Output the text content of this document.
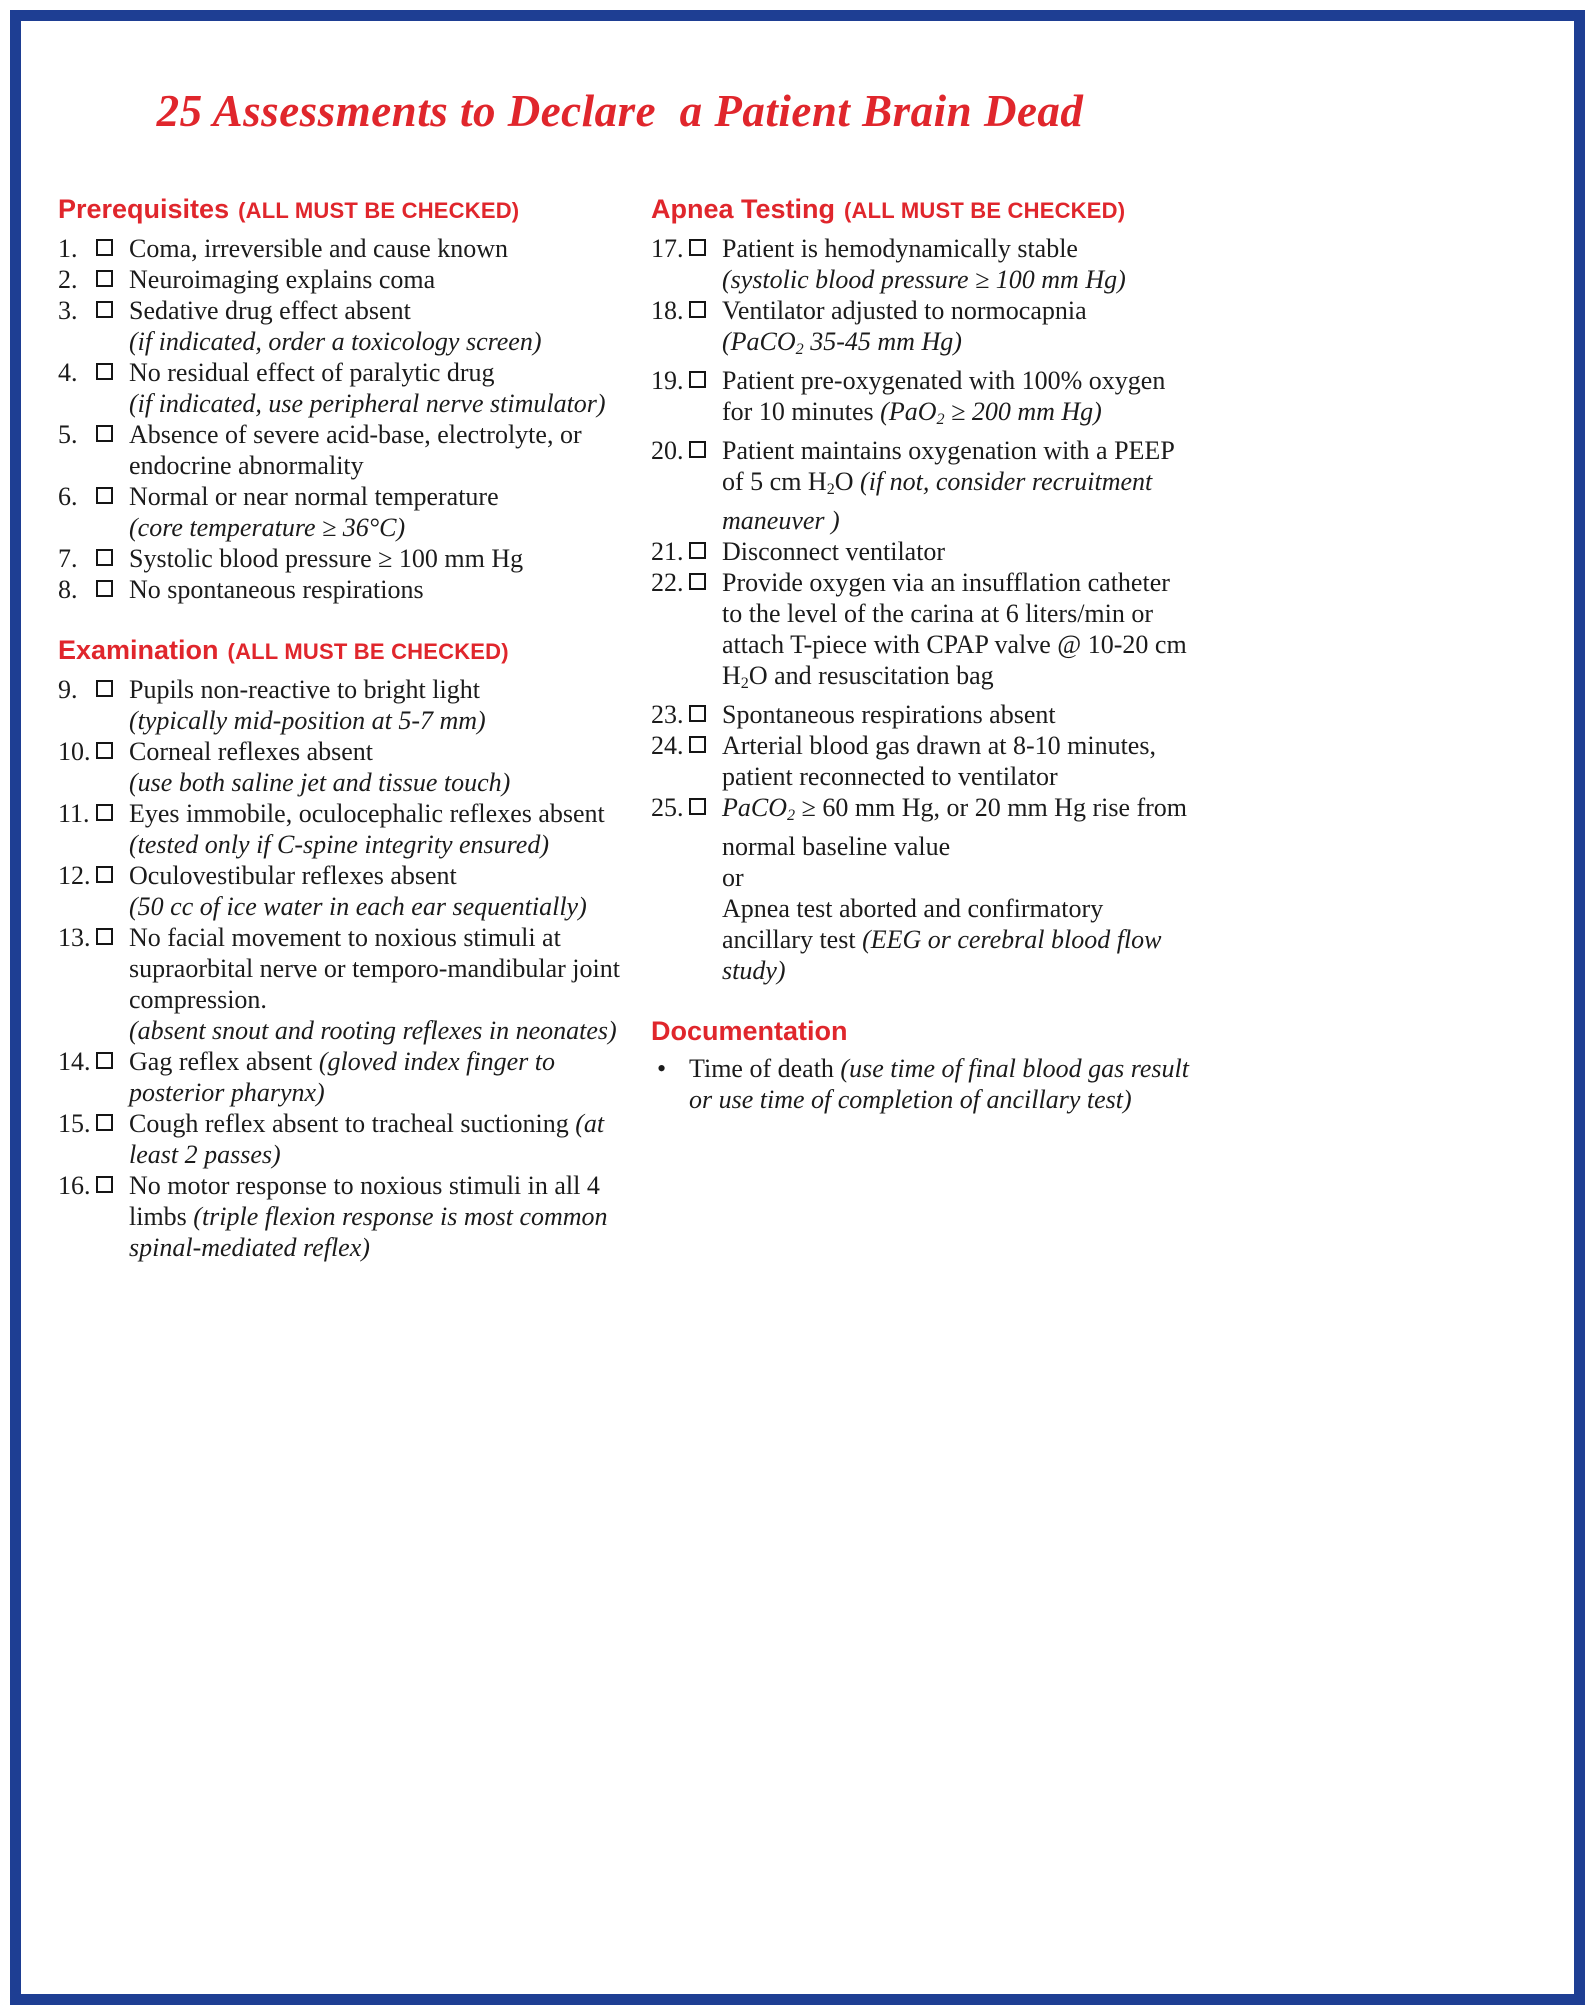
25 Assessments to Declare  a Patient Brain Dead
Prerequisites (ALL MUST BE CHECKED)
1.	Coma, irreversible and cause known
2.	Neuroimaging explains coma
3.	Sedative drug effect absent
(if indicated, order a toxicology screen)
4.	No residual effect of paralytic drug
(if indicated, use peripheral nerve stimulator)
5.	Absence of severe acid-base, electrolyte, or endocrine abnormality
6.	Normal or near normal temperature
(core temperature ≥ 36°C)
7.	Systolic blood pressure ≥ 100 mm Hg
8.	No spontaneous respirations
Examination (ALL MUST BE CHECKED)
9.	Pupils non-reactive to bright light
(typically mid-position at 5-7 mm)
10. Corneal reflexes absent
(use both saline jet and tissue touch)
11. Eyes immobile, oculocephalic reflexes absent (tested only if C-spine integrity ensured)
12. Oculovestibular reflexes absent
(50 cc of ice water in each ear sequentially)
13. No facial movement to noxious stimuli at supraorbital nerve or temporo-mandibular joint compression.
(absent snout and rooting reflexes in neonates)
14. Gag reflex absent (gloved index finger to posterior pharynx)
15. Cough reflex absent to tracheal suctioning (at least 2 passes)
16. No motor response to noxious stimuli in all 4 limbs (triple flexion response is most common spinal-mediated reflex)
Apnea Testing (ALL MUST BE CHECKED)
17. Patient is hemodynamically stable
(systolic blood pressure ≥ 100 mm Hg)
18. Ventilator adjusted to normocapnia
(PaCO2 35-45 mm Hg)
19. Patient pre-oxygenated with 100% oxygen for 10 minutes (PaO2 ≥ 200 mm Hg)
20. Patient maintains oxygenation with a PEEP of 5 cm H2O (if not, consider recruitment maneuver )
21. Disconnect ventilator
22. Provide oxygen via an insufflation catheter to the level of the carina at 6 liters/min or attach T-piece with CPAP valve @ 10-20 cm H2O and resuscitation bag
23. Spontaneous respirations absent
24. Arterial blood gas drawn at 8-10 minutes, patient reconnected to ventilator
25. PaCO2 ≥ 60 mm Hg, or 20 mm Hg rise from normal baseline value
or
Apnea test aborted and confirmatory ancillary test (EEG or cerebral blood flow study)
Documentation
• Time of death (use time of final blood gas result or use time of completion of ancillary test)
